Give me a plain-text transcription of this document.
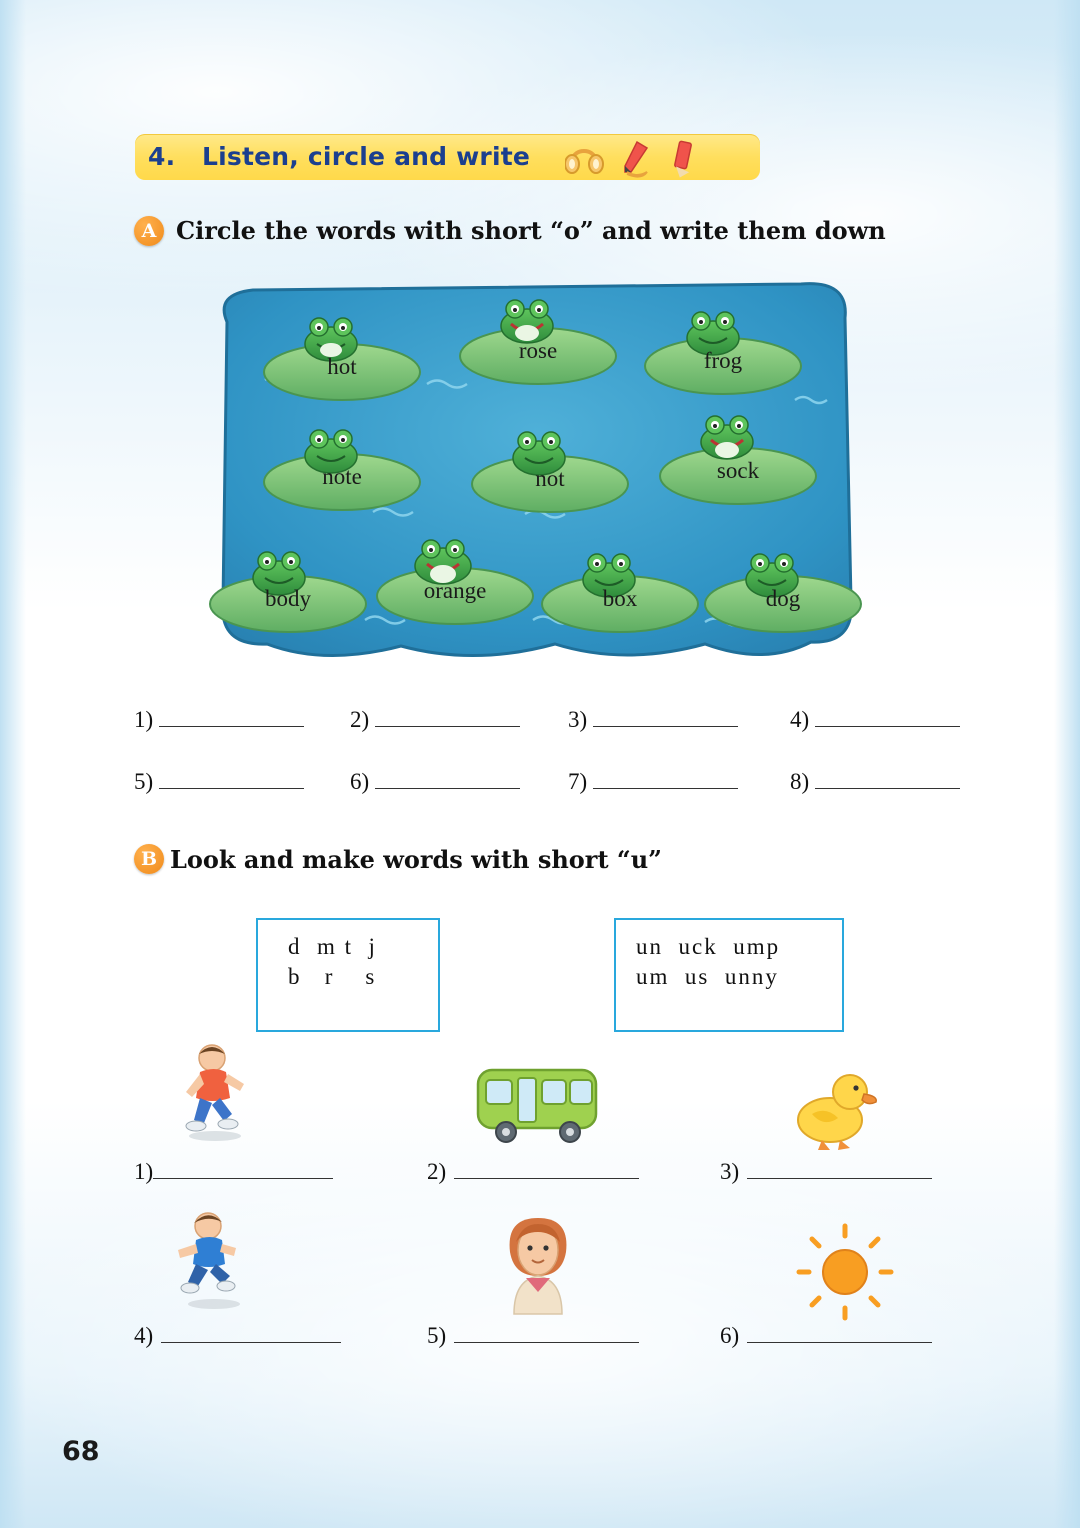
4. Listen, circle and write
A Circle the words with short “o” and write them down
hot
rose	frog
note	not	sock
body	orange	box	dog
1)	2)	3)	4)
5)	6)	7)	8)
B Look and make words with short “u”
d  m t  j
b   r    s
un  uck  ump
um  us  unny
1)	2)	3)
4)	5)	6)
68
